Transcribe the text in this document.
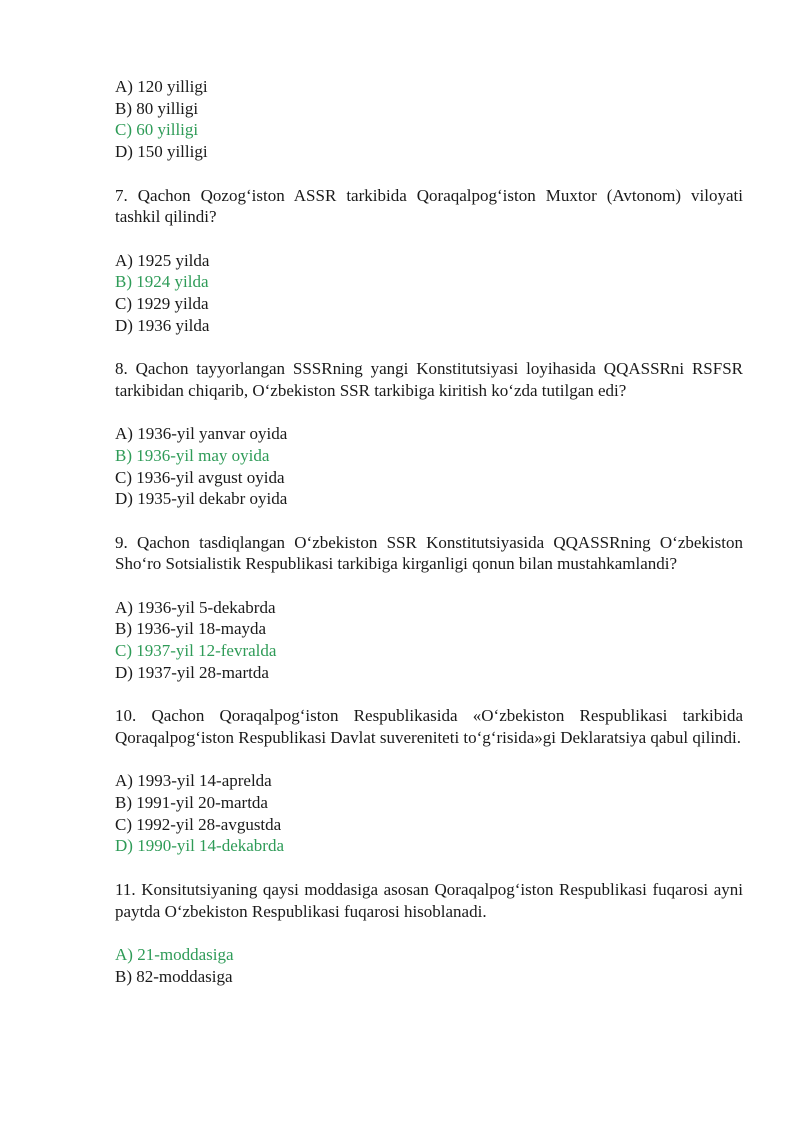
A) 120 yilligi

B) 80 yilligi

C) 60 yilligi

D) 150 yilligi

7. Qachon Qozog‘iston ASSR tarkibida Qoraqalpog‘iston Muxtor (Avtonom) viloyati tashkil qilindi?

A) 1925 yilda

B) 1924 yilda

C) 1929 yilda

D) 1936 yilda

8. Qachon tayyorlangan SSSRning yangi Konstitutsiyasi loyihasida QQASSRni RSFSR tarkibidan chiqarib, O‘zbekiston SSR tarkibiga kiritish ko‘zda tutilgan edi?

A) 1936-yil yanvar oyida

B) 1936-yil may oyida

C) 1936-yil avgust oyida

D) 1935-yil dekabr oyida

9. Qachon tasdiqlangan O‘zbekiston SSR Konstitutsiyasida QQASSRning O‘zbekiston Sho‘ro Sotsialistik Respublikasi tarkibiga kirganligi qonun bilan mustahkamlandi?

A) 1936-yil 5-dekabrda

B) 1936-yil 18-mayda

C) 1937-yil 12-fevralda

D) 1937-yil 28-martda

10. Qachon Qoraqalpog‘iston Respublikasida «O‘zbekiston Respublikasi tarkibida Qoraqalpog‘iston Respublikasi Davlat suvereniteti to‘g‘risida»gi Deklaratsiya qabul qilindi.

A) 1993-yil 14-aprelda

B) 1991-yil 20-martda

C) 1992-yil 28-avgustda

D) 1990-yil 14-dekabrda

11. Konsitutsiyaning qaysi moddasiga asosan Qoraqalpog‘iston Respublikasi fuqarosi ayni paytda O‘zbekiston Respublikasi fuqarosi hisoblanadi.

A) 21-moddasiga

B) 82-moddasiga
